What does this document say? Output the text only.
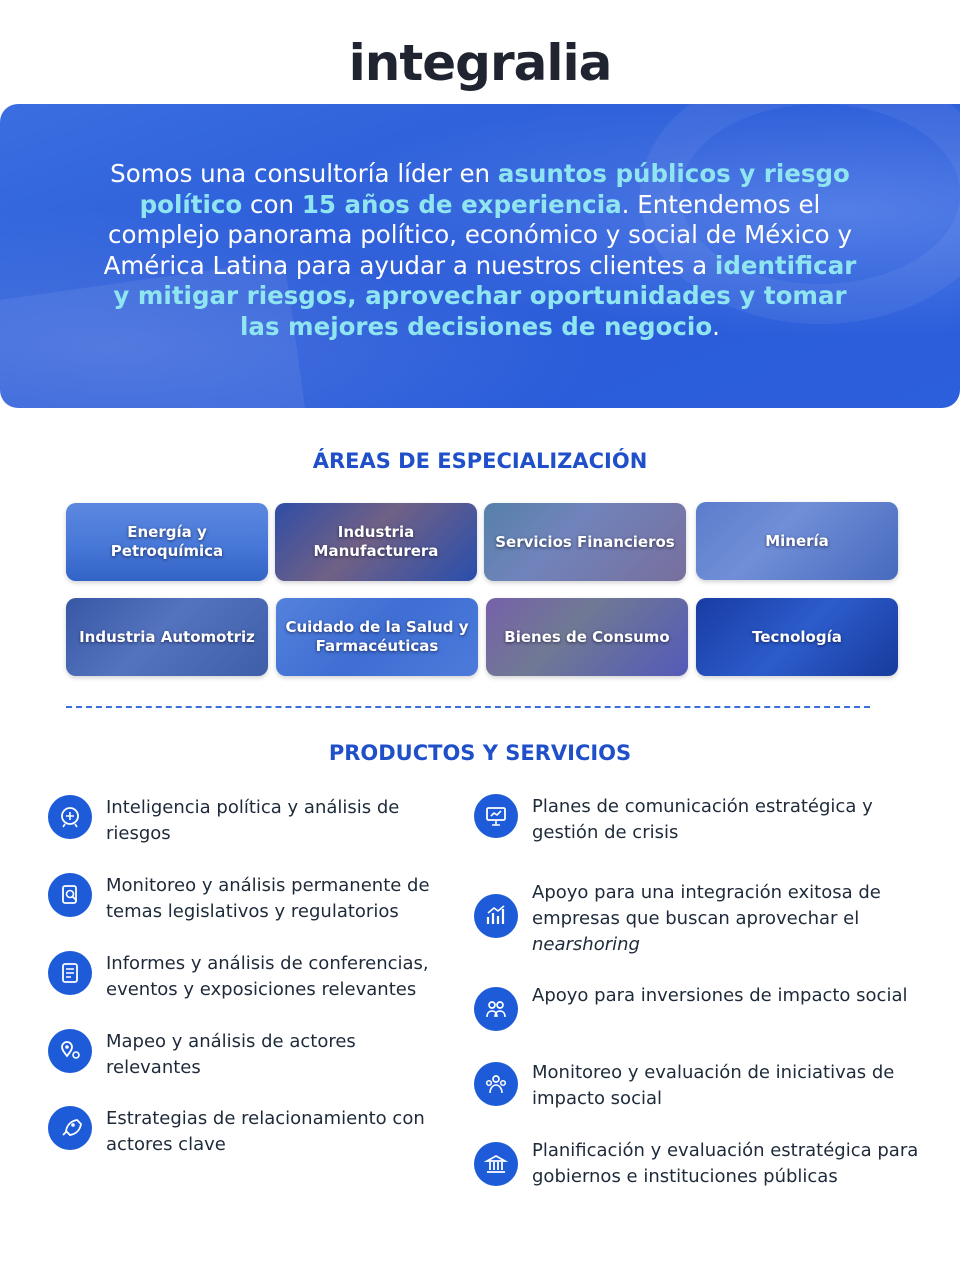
integralia

Somos una consultoría líder en asuntos públicos y riesgo político con 15 años de experiencia. Entendemos el complejo panorama político, económico y social de México y América Latina para ayudar a nuestros clientes a identificar y mitigar riesgos, aprovechar oportunidades y tomar las mejores decisiones de negocio.

ÁREAS DE ESPECIALIZACIÓN
Energía y Petroquímica
Industria Manufacturera
Servicios Financieros	Minería
Industria Automotriz
Cuidado de la Salud y Farmacéuticas
Bienes de Consumo	Tecnología
PRODUCTOS Y SERVICIOS

Inteligencia política y análisis de riesgos

Monitoreo y análisis permanente de temas legislativos y regulatorios

Informes y análisis de conferencias, eventos y exposiciones relevantes

Mapeo y análisis de actores relevantes

Estrategias de relacionamiento con actores clave

Planes de comunicación estratégica y gestión de crisis

Apoyo para una integración exitosa de empresas que buscan aprovechar el nearshoring

Apoyo para inversiones de impacto social

Monitoreo y evaluación de iniciativas de impacto social

Planificación y evaluación estratégica para gobiernos e instituciones públicas
